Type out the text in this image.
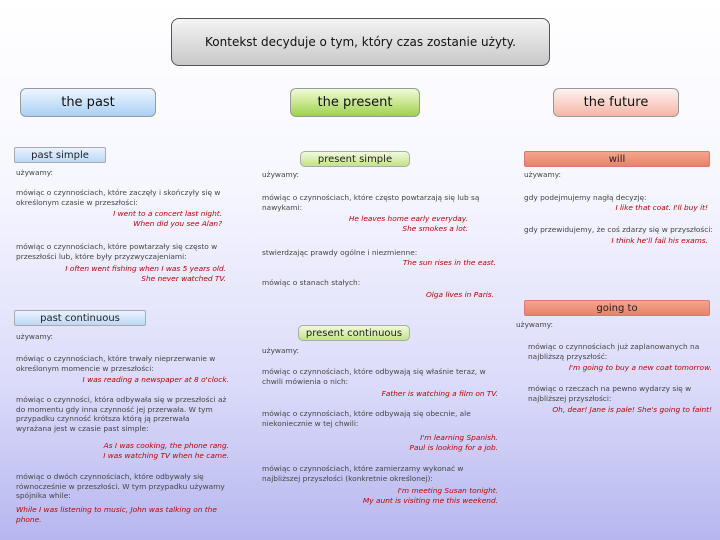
Kontekst decyduje o tym, który czas zostanie użyty.
the past	the present	the future
past simple
używamy:
mówiąc o czynnościach, które zaczęły i skończyły się w
określonym czasie w przeszłości:
I went to a concert last night.
When did you see Alan?
mówiąc o czynnościach, które powtarzały się często w
przeszłości lub, które były przyzwyczajeniami:
I often went fishing when I was 5 years old.
She never watched TV.
past continuous
używamy:
mówiąc o czynnościach, które trwały nieprzerwanie w
określonym momencie w przeszłości:
I was reading a newspaper at 8 o'clock.
mówiąc o czynności, która odbywała się w przeszłości aż
do momentu gdy inna czynność jej przerwała. W tym
przypadku czynność krótsza którą ją przerwała
wyrażana jest w czasie past simple:
As I was cooking, the phone rang.
I was watching TV when he came.
mówiąc o dwóch czynnościach, które odbywały się
równocześnie w przeszłości. W tym przypadku używamy
spójnika while:
While I was listening to music, John was talking on the
phone.
present simple
używamy:
mówiąc o czynnościach, które często powtarzają się lub są
nawykami:
He leaves home early everyday.
She smokes a lot.
stwierdzając prawdy ogólne i niezmienne:
The sun rises in the east.
mówiąc o stanach stałych:
Olga lives in Paris.
present continuous
używamy:
mówiąc o czynnościach, które odbywają się właśnie teraz, w
chwili mówienia o nich:
Father is watching a film on TV.
mówiąc o czynnościach, które odbywają się obecnie, ale
niekoniecznie w tej chwili:
I'm learning Spanish.
Paul is looking for a job.
mówiąc o czynnościach, które zamierzamy wykonać w
najbliższej przyszłości (konkretnie określonej):
I'm meeting Susan tonight.
My aunt is visiting me this weekend.
will
używamy:
gdy podejmujemy nagłą decyzję:
I like that coat. I'll buy it!
gdy przewidujemy, że coś zdarzy się w przyszłości:
I think he'll fail his exams.
going to
używamy:
mówiąc o czynnościach już zaplanowanych na
najbliższą przyszłość:
I'm going to buy a new coat tomorrow.
mówiąc o rzeczach na pewno wydarzy się w
najbliższej przyszłości:
Oh, dear! Jane is pale! She's going to faint!
